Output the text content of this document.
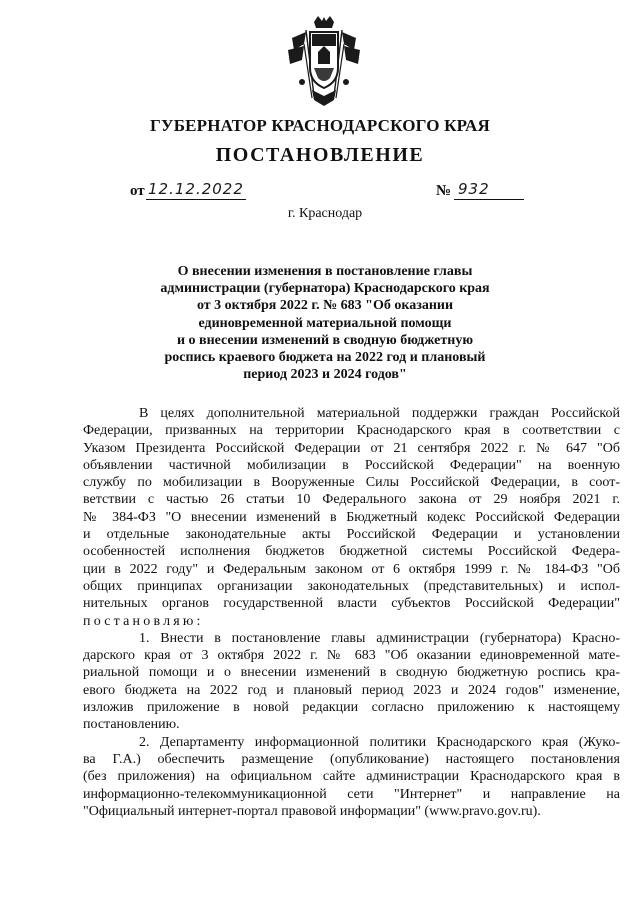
ГУБЕРНАТОР КРАСНОДАРСКОГО КРАЯ
ПОСТАНОВЛЕНИЕ
от 12.12.2022	№ 932
г. Краснодар
О внесении изменения в постановление главы
администрации (губернатора) Краснодарского края
от 3 октября 2022 г. № 683 "Об оказании
единовременной материальной помощи
и о внесении изменений в сводную бюджетную
роспись краевого бюджета на 2022 год и плановый
период 2023 и 2024 годов"
В целях дополнительной материальной поддержки граждан Российской
Федерации, призванных на территории Краснодарского края в соответствии с
Указом Президента Российской Федерации от 21 сентября 2022 г. № 647 "Об
объявлении частичной мобилизации в Российской Федерации" на военную
службу по мобилизации в Вооруженные Силы Российской Федерации, в соот-
ветствии с частью 26 статьи 10 Федерального закона от 29 ноября 2021 г.
№ 384-ФЗ "О внесении изменений в Бюджетный кодекс Российской Федерации
и отдельные законодательные акты Российской Федерации и установлении
особенностей исполнения бюджетов бюджетной системы Российской Федера-
ции в 2022 году" и Федеральным законом от 6 октября 1999 г. № 184-ФЗ "Об
общих принципах организации законодательных (представительных) и испол-
нительных органов государственной власти субъектов Российской Федерации"
постановляю:
1. Внести в постановление главы администрации (губернатора) Красно-
дарского края от 3 октября 2022 г. № 683 "Об оказании единовременной мате-
риальной помощи и о внесении изменений в сводную бюджетную роспись кра-
евого бюджета на 2022 год и плановый период 2023 и 2024 годов" изменение,
изложив приложение в новой редакции согласно приложению к настоящему
постановлению.
2. Департаменту информационной политики Краснодарского края (Жуко-
ва Г.А.) обеспечить размещение (опубликование) настоящего постановления
(без приложения) на официальном сайте администрации Краснодарского края в
информационно-телекоммуникационной сети "Интернет" и направление на
"Официальный интернет-портал правовой информации" (www.pravo.gov.ru).
